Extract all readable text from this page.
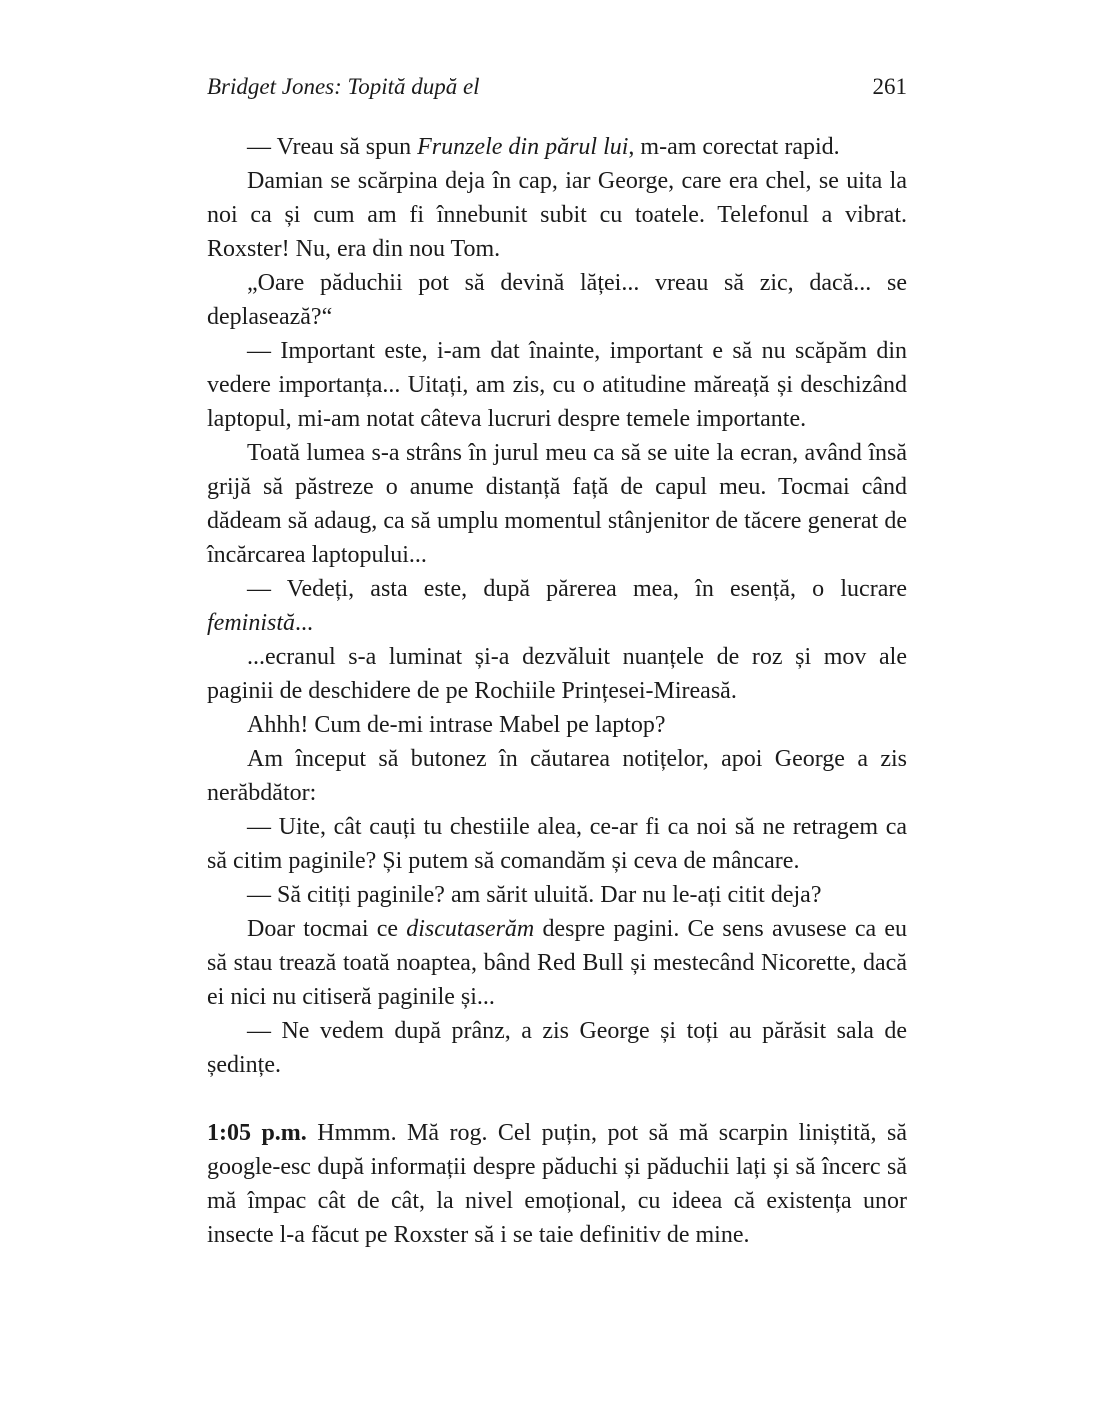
Bridget Jones: Topită după el	261

— Vreau să spun Frunzele din părul lui, m-am corectat rapid.

Damian se scărpina deja în cap, iar George, care era chel, se uita la noi ca și cum am fi înnebunit subit cu toatele. Telefonul a vibrat. Roxster! Nu, era din nou Tom.

„Oare păduchii pot să devină lăței... vreau să zic, dacă... se deplasează?“

— Important este, i-am dat înainte, important e să nu scăpăm din vedere importanța... Uitați, am zis, cu o atitudine măreață și deschizând laptopul, mi-am notat câteva lucruri despre temele importante.

Toată lumea s-a strâns în jurul meu ca să se uite la ecran, având însă grijă să păstreze o anume distanță față de capul meu. Tocmai când dădeam să adaug, ca să umplu momentul stânjenitor de tăcere generat de încărcarea laptopului...

— Vedeți, asta este, după părerea mea, în esență, o lucrare feministă...

...ecranul s-a luminat și-a dezvăluit nuanțele de roz și mov ale paginii de deschidere de pe Rochiile Prințesei-Mireasă.

Ahhh! Cum de-mi intrase Mabel pe laptop?

Am început să butonez în căutarea notițelor, apoi George a zis nerăbdător:

— Uite, cât cauți tu chestiile alea, ce-ar fi ca noi să ne retragem ca să citim paginile? Și putem să comandăm și ceva de mâncare.

— Să citiți paginile? am sărit uluită. Dar nu le-ați citit deja?

Doar tocmai ce discutaserăm despre pagini. Ce sens avusese ca eu să stau trează toată noaptea, bând Red Bull și mestecând Nicorette, dacă ei nici nu citiseră paginile și...

— Ne vedem după prânz, a zis George și toți au părăsit sala de ședințe.

1:05 p.m. Hmmm. Mă rog. Cel puțin, pot să mă scarpin liniștită, să google-esc după informații despre păduchi și păduchii lați și să încerc să mă împac cât de cât, la nivel emoțional, cu ideea că existența unor insecte l-a făcut pe Roxster să i se taie definitiv de mine.
